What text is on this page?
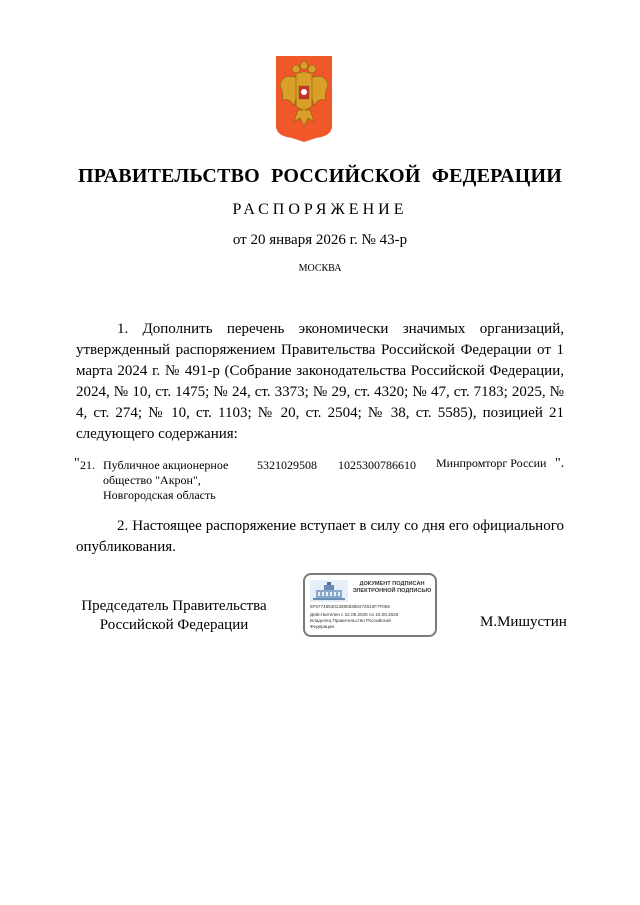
ПРАВИТЕЛЬСТВО РОССИЙСКОЙ ФЕДЕРАЦИИ
РАСПОРЯЖЕНИЕ
от 20 января 2026 г. № 43-р
МОСКВА
1. Дополнить перечень экономически значимых организаций, утвержденный распоряжением Правительства Российской Федерации от 1 марта 2024 г. № 491-р (Собрание законодательства Российской Федерации, 2024, № 10, ст. 1475; № 24, ст. 3373; № 29, ст. 4320; № 47, ст. 7183; 2025, № 4, ст. 274; № 10, ст. 1103; № 20, ст. 2504; № 38, ст. 5585), позицией 21 следующего содержания:
" 21. Публичное акционерное
общество "Акрон",
Новгородская область
5321029508 1025300786610 Минпромторг России ".

2. Настоящее распоряжение вступает в силу со дня его официального опубликования.

Председатель Правительства
Российской Федерации
ДОКУМЕНТ ПОДПИСАН
ЭЛЕКТРОННОЙ ПОДПИСЬЮ
6F67748540130808388472810F7F055
Действителен с 22.05.2025 по 15.08.2026
Владелец Правительство Российской
Федерации	М.Мишустин
